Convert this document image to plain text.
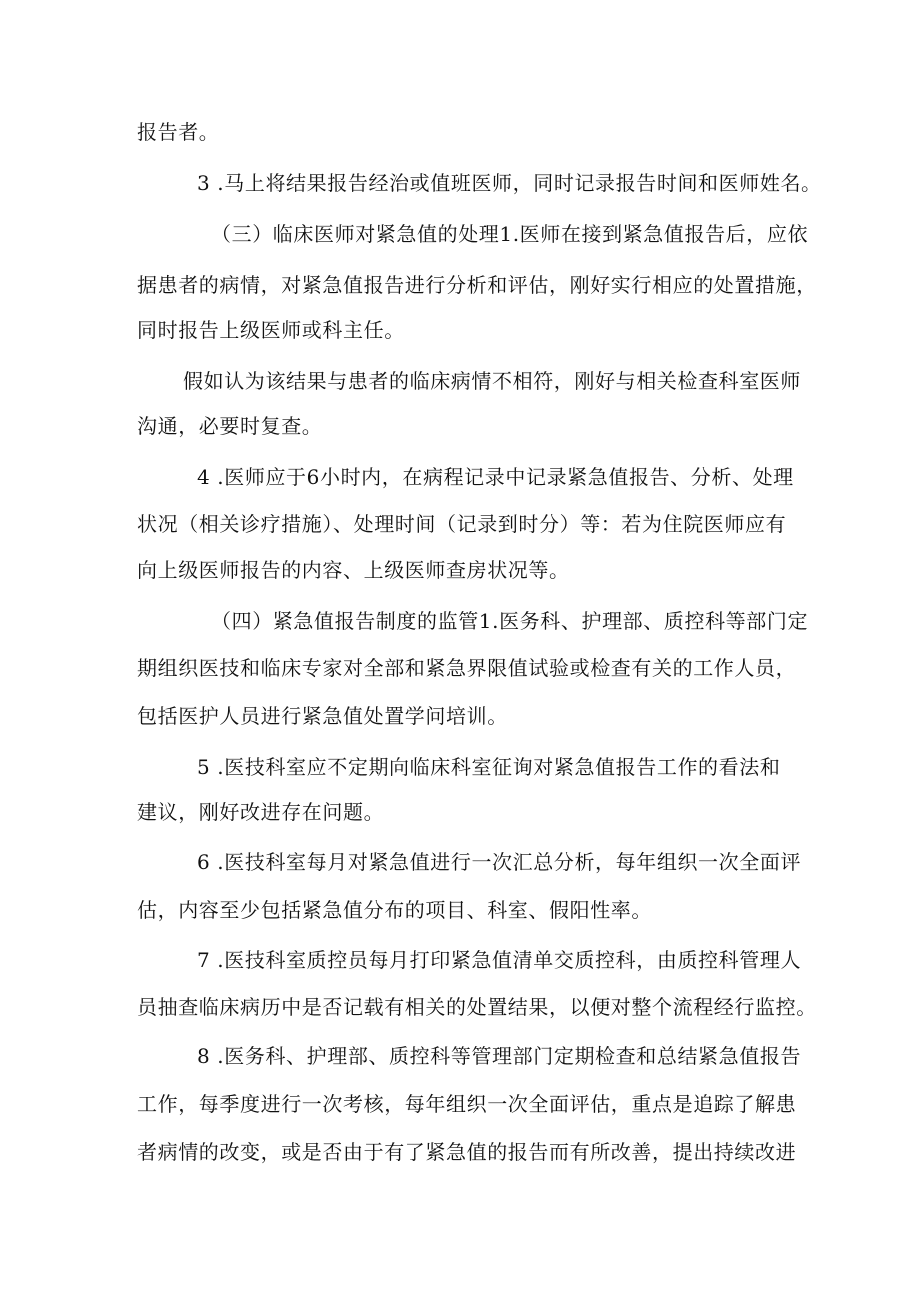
报告者。
3 .马上将结果报告经治或值班医师，同时记录报告时间和医师姓名。
（三）临床医师对紧急值的处理1.医师在接到紧急值报告后，应依
据患者的病情，对紧急值报告进行分析和评估，刚好实行相应的处置措施，
同时报告上级医师或科主任。
假如认为该结果与患者的临床病情不相符，刚好与相关检查科室医师
沟通，必要时复查。
4 .医师应于6小时内，在病程记录中记录紧急值报告、分析、处理
状况（相关诊疗措施）、处理时间（记录到时分）等：若为住院医师应有
向上级医师报告的内容、上级医师查房状况等。
（四）紧急值报告制度的监管1.医务科、护理部、质控科等部门定
期组织医技和临床专家对全部和紧急界限值试验或检查有关的工作人员，
包括医护人员进行紧急值处置学问培训。
5 .医技科室应不定期向临床科室征询对紧急值报告工作的看法和
建议，刚好改进存在问题。
6 .医技科室每月对紧急值进行一次汇总分析，每年组织一次全面评
估，内容至少包括紧急值分布的项目、科室、假阳性率。
7 .医技科室质控员每月打印紧急值清单交质控科，由质控科管理人
员抽查临床病历中是否记载有相关的处置结果，以便对整个流程经行监控。
8 .医务科、护理部、质控科等管理部门定期检查和总结紧急值报告
工作，每季度进行一次考核，每年组织一次全面评估，重点是追踪了解患
者病情的改变，或是否由于有了紧急值的报告而有所改善，提出持续改进
